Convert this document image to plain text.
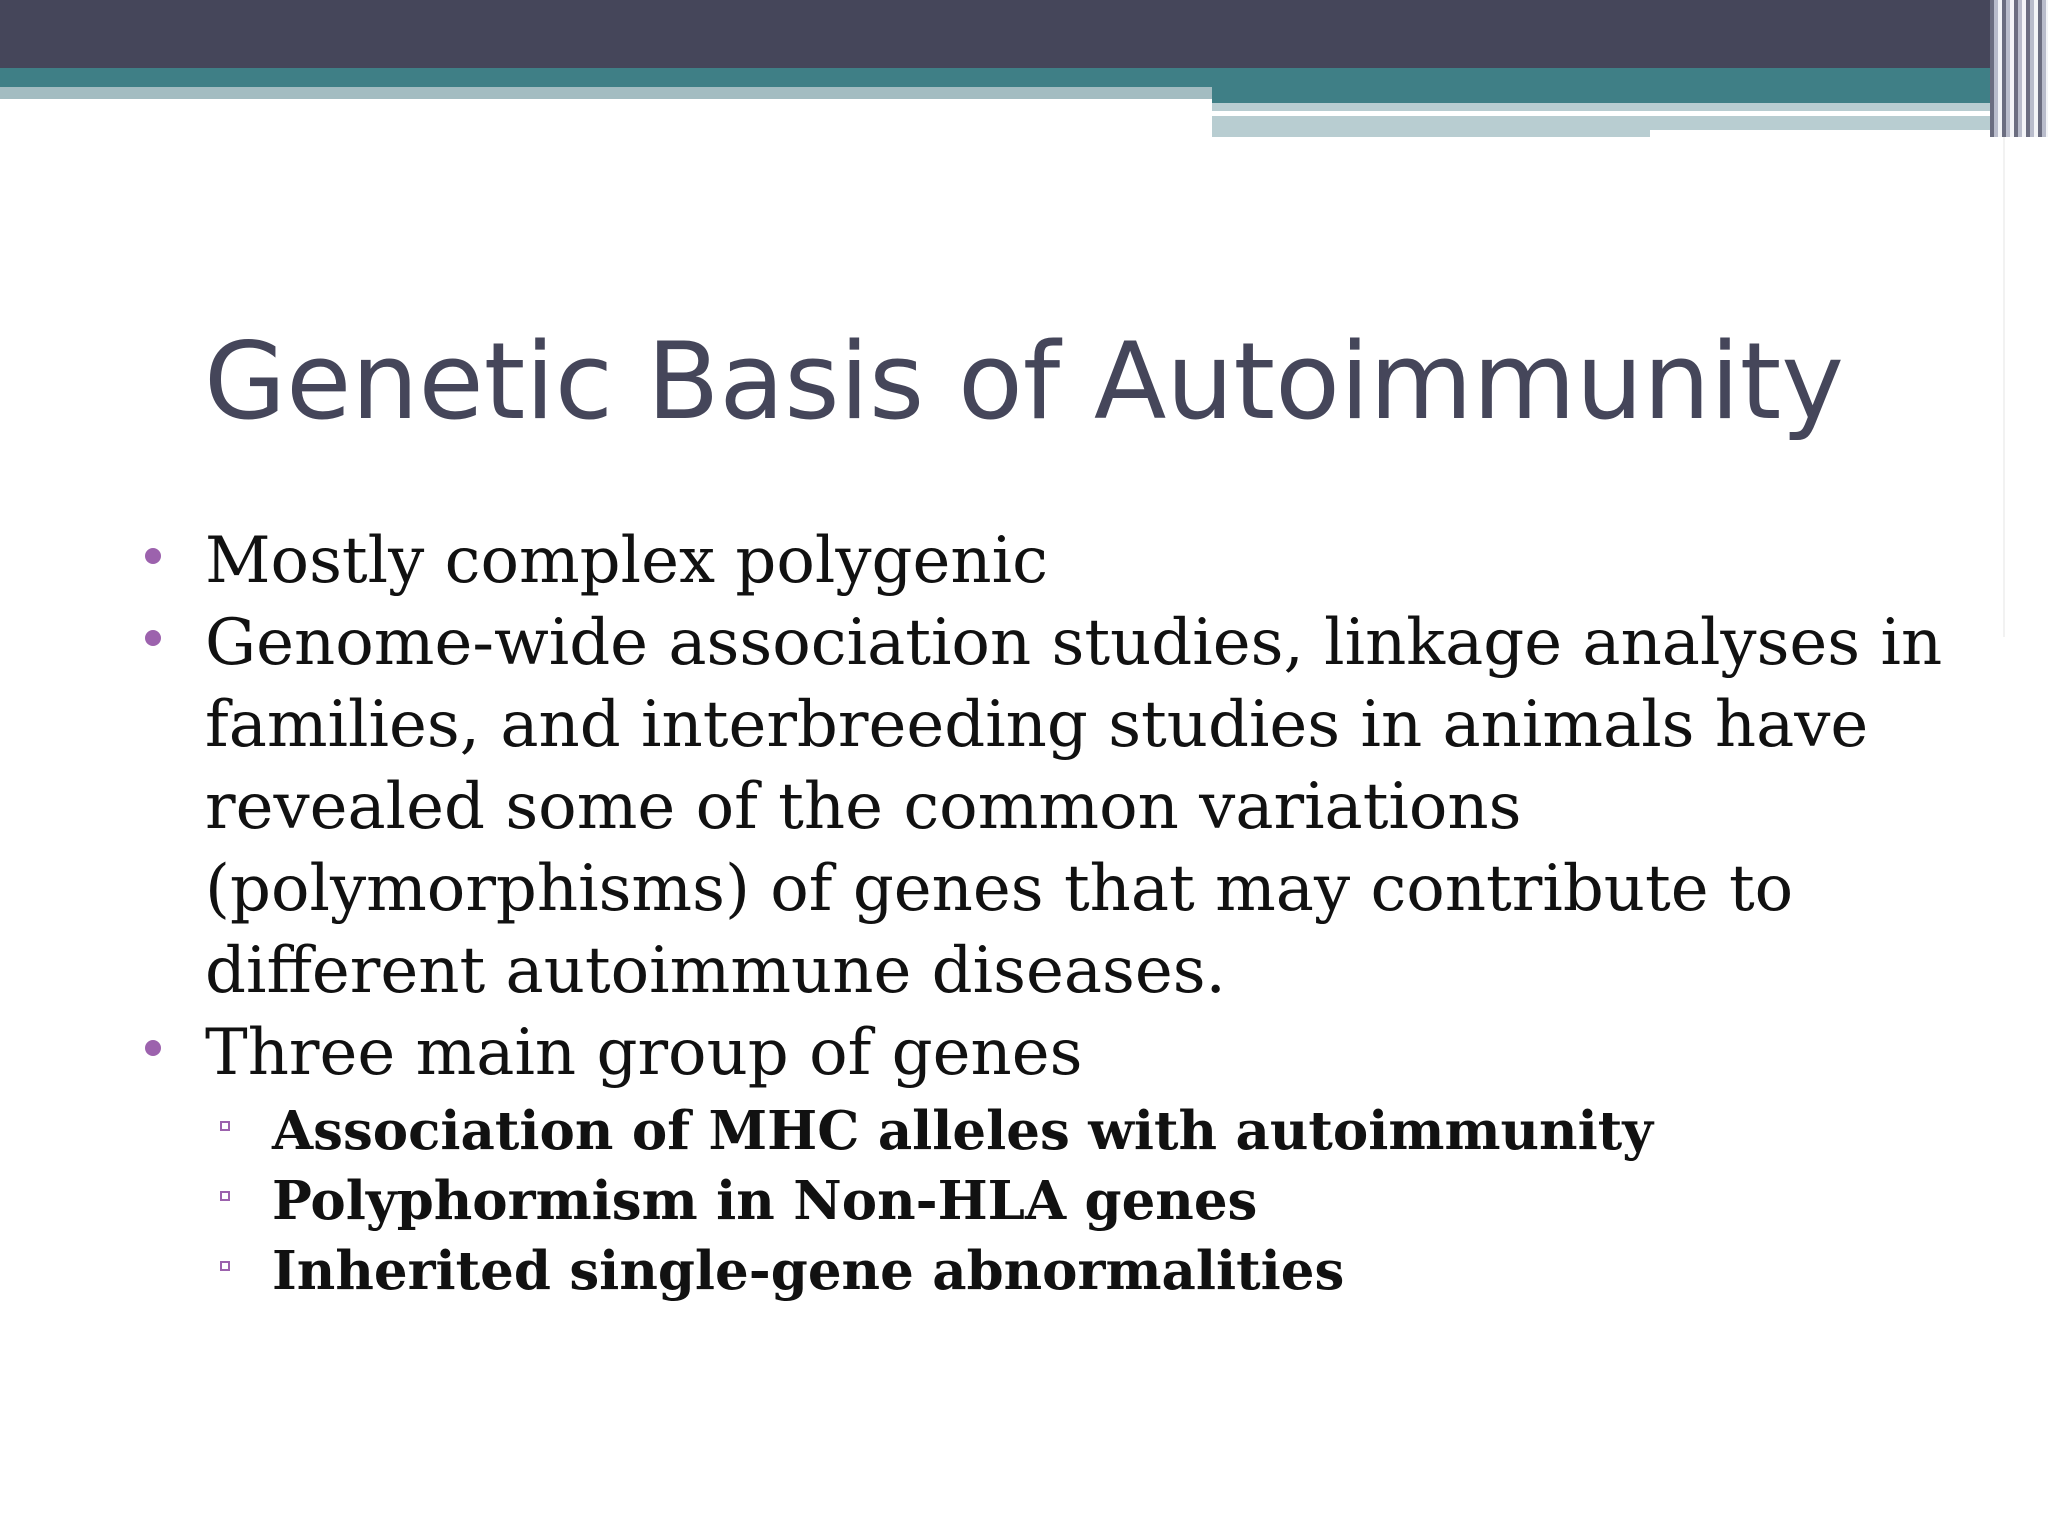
Genetic Basis of Autoimmunity
Mostly complex polygenic
Genome-wide association studies, linkage analyses in families, and interbreeding studies in animals have revealed some of the common variations (polymorphisms) of genes that may contribute to different autoimmune diseases.
Three main group of genes
Association of MHC alleles with autoimmunity
Polyphormism in Non-HLA genes
Inherited single-gene abnormalities
